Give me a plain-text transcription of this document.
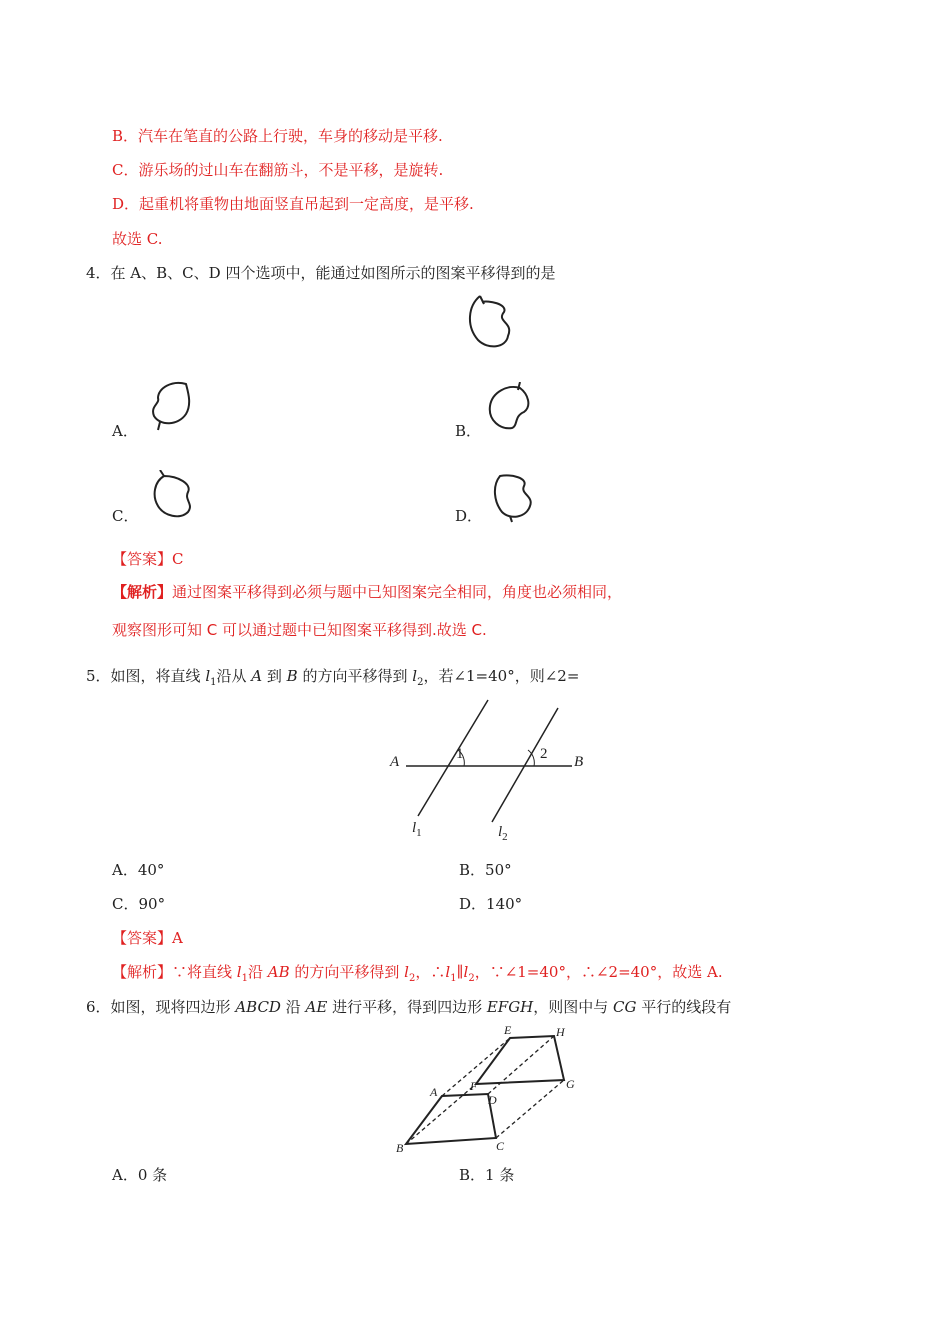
B．汽车在笔直的公路上行驶，车身的移动是平移.
C．游乐场的过山车在翻筋斗，不是平移，是旋转.
D．起重机将重物由地面竖直吊起到一定高度，是平移.
故选 C.
4．在 A、B、C、D 四个选项中，能通过如图所示的图案平移得到的是
A．	B．
C．	D．
【答案】C
【解析】通过图案平移得到必须与题中已知图案完全相同，角度也必须相同，
观察图形可知 C 可以通过题中已知图案平移得到.故选 C.
5．如图，将直线 $l_1$沿从 A 到 B 的方向平移得到 $l_2$，若∠1=40°，则∠2=
A	B
1	2
$l_1$	$l_2$
A．40°	B．50°
C．90°	D．140°
【答案】A
【解析】∵将直线 $l_1$沿 AB 的方向平移得到 $l_2$，$\therefore l_1\parallel l_2$，∵∠1=40°，∴∠2=40°，故选 A.
6．如图，现将四边形 ABCD 沿 AE 进行平移，得到四边形 EFGH，则图中与 CG 平行的线段有
A
B	C
D
E
F	G
H
A．0 条	B．1 条
